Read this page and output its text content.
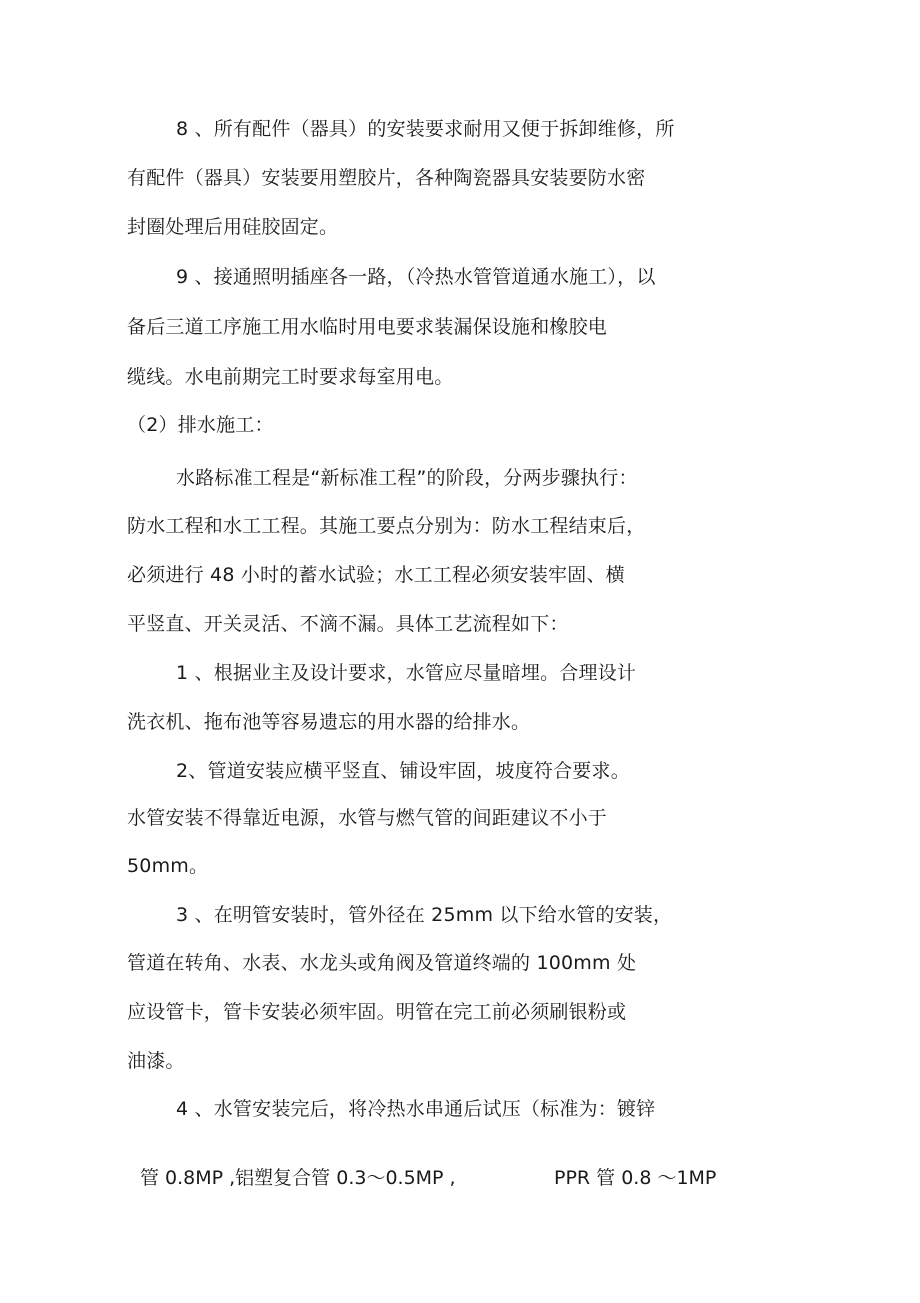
8 、所有配件（器具）的安装要求耐用又便于拆卸维修，所
有配件（器具）安装要用塑胶片，各种陶瓷器具安装要防水密
封圈处理后用硅胶固定。
9 、接通照明插座各一路，（冷热水管管道通水施工），以
备后三道工序施工用水临时用电要求装漏保设施和橡胶电
缆线。水电前期完工时要求每室用电。
（2）排水施工：
水路标准工程是“新标准工程”的阶段，分两步骤执行：
防水工程和水工工程。其施工要点分别为：防水工程结束后，
必须进行 48 小时的蓄水试验；水工工程必须安装牢固、横
平竖直、开关灵活、不滴不漏。具体工艺流程如下：
1 、根据业主及设计要求，水管应尽量暗埋。合理设计
洗衣机、拖布池等容易遗忘的用水器的给排水。
2、管道安装应横平竖直、铺设牢固，坡度符合要求。
水管安装不得靠近电源，水管与燃气管的间距建议不小于
50mm。
3 、在明管安装时，管外径在 25mm 以下给水管的安装，
管道在转角、水表、水龙头或角阀及管道终端的 100mm 处
应设管卡，管卡安装必须牢固。明管在完工前必须刷银粉或
油漆。
4 、水管安装完后，将冷热水串通后试压（标准为：镀锌
管 0.8MP ,铝塑复合管 0.3〜0.5MP ,	PPR 管 0.8 〜1MP
